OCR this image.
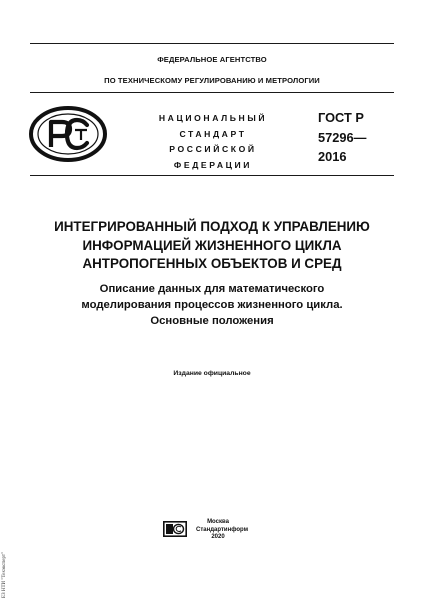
ФЕДЕРАЛЬНОЕ АГЕНТСТВО
ПО ТЕХНИЧЕСКОМУ РЕГУЛИРОВАНИЮ И МЕТРОЛОГИИ
НАЦИОНАЛЬНЫЙ
СТАНДАРТ
РОССИЙСКОЙ
ФЕДЕРАЦИИ
ГОСТ Р
57296—
2016
ИНТЕГРИРОВАННЫЙ ПОДХОД К УПРАВЛЕНИЮ
ИНФОРМАЦИЕЙ ЖИЗНЕННОГО ЦИКЛА
АНТРОПОГЕННЫХ ОБЪЕКТОВ И СРЕД
Описание данных для математического
моделирования процессов жизненного цикла.
Основные положения
Издание официальное
Москва
Стандартинформ
2020
ЕЗ НТИ "Техэксперт"
